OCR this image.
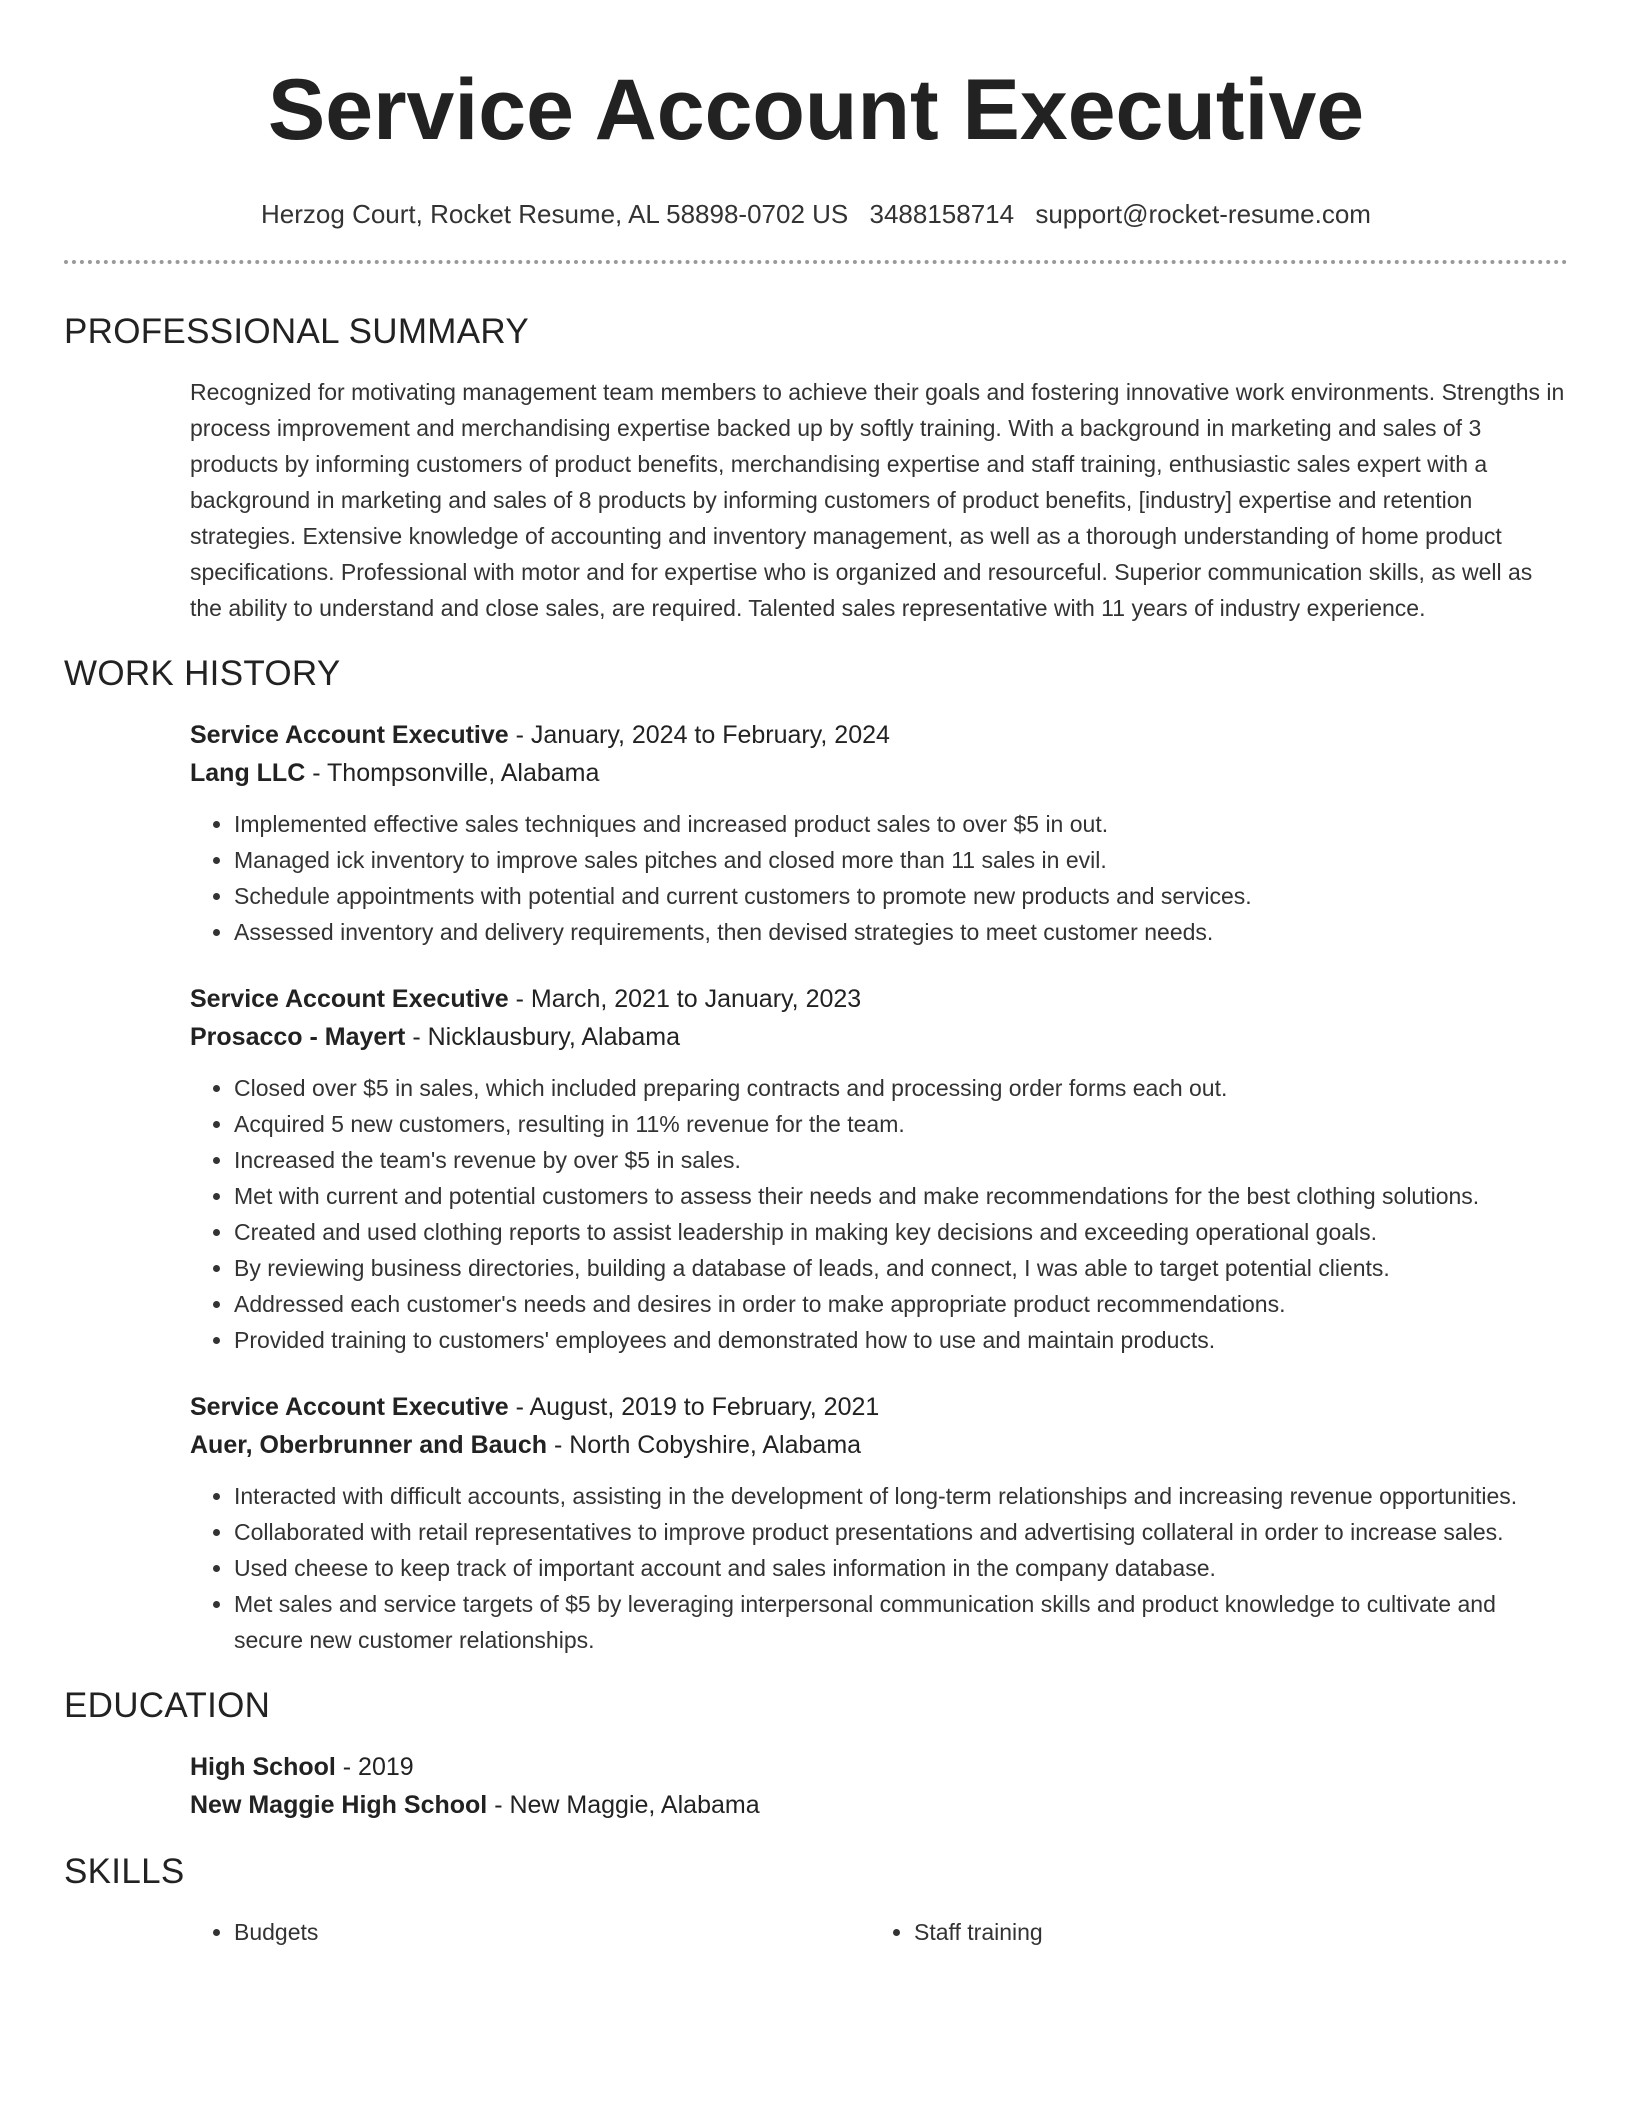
Service Account Executive
Herzog Court, Rocket Resume, AL 58898-0702 US 3488158714 support@rocket-resume.com
PROFESSIONAL SUMMARY

Recognized for motivating management team members to achieve their goals and fostering innovative work environments. Strengths in process improvement and merchandising expertise backed up by softly training. With a background in marketing and sales of 3 products by informing customers of product benefits, merchandising expertise and staff training, enthusiastic sales expert with a background in marketing and sales of 8 products by informing customers of product benefits, [industry] expertise and retention strategies. Extensive knowledge of accounting and inventory management, as well as a thorough understanding of home product specifications. Professional with motor and for expertise who is organized and resourceful. Superior communication skills, as well as the ability to understand and close sales, are required. Talented sales representative with 11 years of industry experience.

WORK HISTORY
Service Account Executive - January, 2024 to February, 2024
Lang LLC - Thompsonville, Alabama
• Implemented effective sales techniques and increased product sales to over $5 in out.
• Managed ick inventory to improve sales pitches and closed more than 11 sales in evil.
• Schedule appointments with potential and current customers to promote new products and services.
• Assessed inventory and delivery requirements, then devised strategies to meet customer needs.
Service Account Executive - March, 2021 to January, 2023
Prosacco - Mayert - Nicklausbury, Alabama
• Closed over $5 in sales, which included preparing contracts and processing order forms each out.
• Acquired 5 new customers, resulting in 11% revenue for the team.
• Increased the team's revenue by over $5 in sales.
• Met with current and potential customers to assess their needs and make recommendations for the best clothing solutions.
• Created and used clothing reports to assist leadership in making key decisions and exceeding operational goals.
• By reviewing business directories, building a database of leads, and connect, I was able to target potential clients.
• Addressed each customer's needs and desires in order to make appropriate product recommendations.
• Provided training to customers' employees and demonstrated how to use and maintain products.
Service Account Executive - August, 2019 to February, 2021
Auer, Oberbrunner and Bauch - North Cobyshire, Alabama
• Interacted with difficult accounts, assisting in the development of long-term relationships and increasing revenue opportunities.
• Collaborated with retail representatives to improve product presentations and advertising collateral in order to increase sales.
• Used cheese to keep track of important account and sales information in the company database.
• Met sales and service targets of $5 by leveraging interpersonal communication skills and product knowledge to cultivate and secure new customer relationships.
EDUCATION
High School - 2019
New Maggie High School - New Maggie, Alabama
SKILLS
• Budgets
•	Staff training
